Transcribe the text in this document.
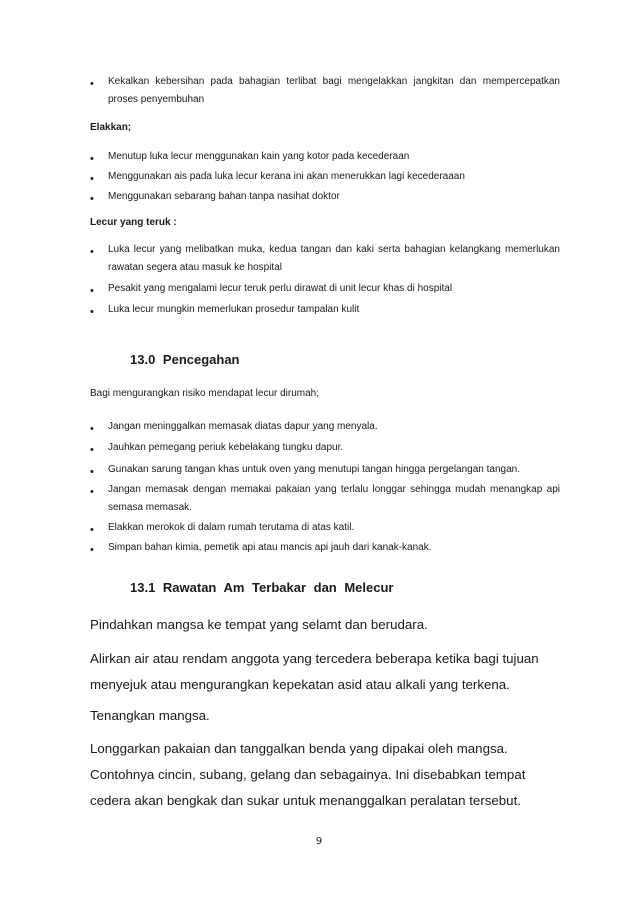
• Kekalkan kebersihan pada bahagian terlibat bagi mengelakkan jangkitan dan mempercepatkan proses penyembuhan
Elakkan;
• Menutup luka lecur menggunakan kain yang kotor pada kecederaan
• Menggunakan ais pada luka lecur kerana ini akan menerukkan lagi kecederaaan
• Menggunakan sebarang bahan tanpa nasihat doktor
Lecur yang teruk :
• Luka lecur yang melibatkan muka, kedua tangan dan kaki serta bahagian kelangkang memerlukan rawatan segera atau masuk ke hospital
• Pesakit yang mengalami lecur teruk perlu dirawat di unit lecur khas di hospital
• Luka lecur mungkin memerlukan prosedur tampalan kulit
13.0 Pencegahan
Bagi mengurangkan risiko mendapat lecur dirumah;
• Jangan meninggalkan memasak diatas dapur yang menyala.
• Jauhkan pemegang periuk kebelakang tungku dapur.
• Gunakan sarung tangan khas untuk oven yang menutupi tangan hingga pergelangan tangan.
• Jangan memasak dengan memakai pakaian yang terlalu longgar sehingga mudah menangkap api semasa memasak.
• Elakkan merokok di dalam rumah terutama di atas katil.
• Simpan bahan kimia, pemetik api atau mancis api jauh dari kanak-kanak.
13.1 Rawatan Am Terbakar dan Melecur
Pindahkan mangsa ke tempat yang selamt dan berudara.
Alirkan air atau rendam anggota yang tercedera beberapa ketika bagi tujuan menyejuk atau mengurangkan kepekatan asid atau alkali yang terkena.
Tenangkan mangsa.
Longgarkan pakaian dan tanggalkan benda yang dipakai oleh mangsa. Contohnya cincin, subang, gelang dan sebagainya. Ini disebabkan tempat cedera akan bengkak dan sukar untuk menanggalkan peralatan tersebut.
9
